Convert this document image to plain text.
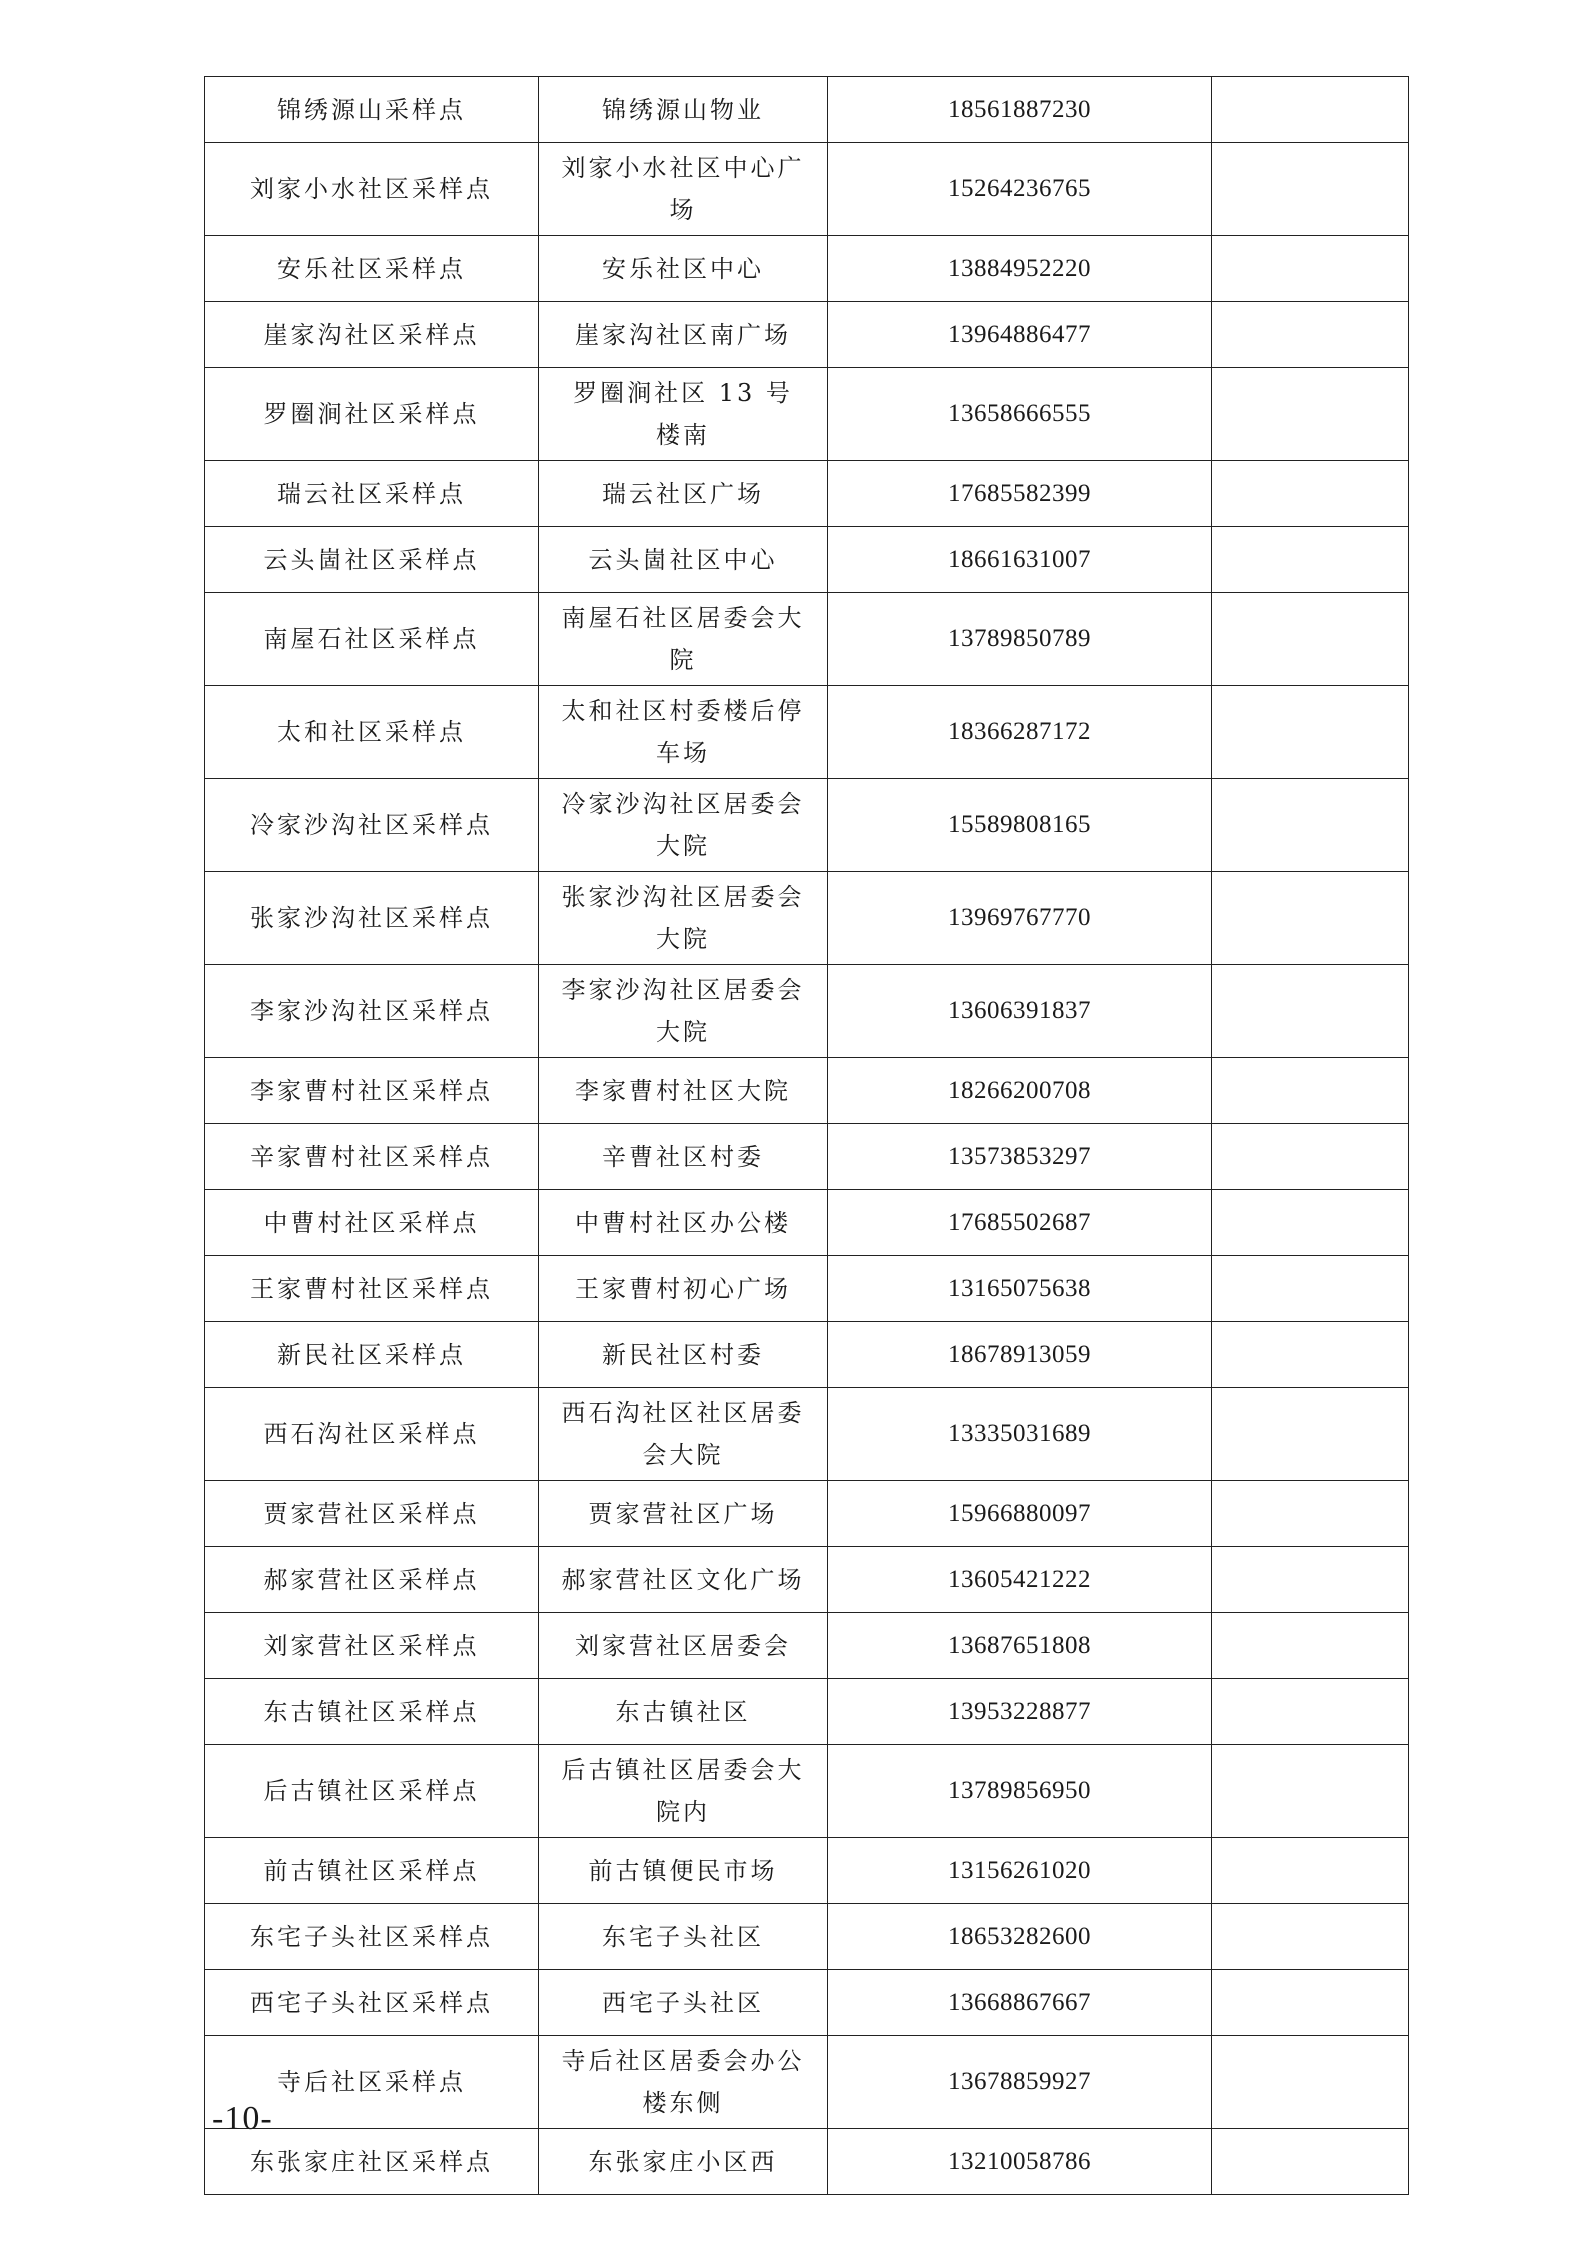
锦绣源山采样点	锦绣源山物业	18561887230	
刘家小水社区采样点	刘家小水社区中心广场	15264236765	
安乐社区采样点	安乐社区中心	13884952220	
崖家沟社区采样点	崖家沟社区南广场	13964886477	
罗圈涧社区采样点	罗圈涧社区 13 号楼南	13658666555	
瑞云社区采样点	瑞云社区广场	17685582399	
云头崮社区采样点	云头崮社区中心	18661631007	
南屋石社区采样点	南屋石社区居委会大院	13789850789	
太和社区采样点	太和社区村委楼后停车场	18366287172	
冷家沙沟社区采样点	冷家沙沟社区居委会大院	15589808165	
张家沙沟社区采样点	张家沙沟社区居委会大院	13969767770	
李家沙沟社区采样点	李家沙沟社区居委会大院	13606391837	
李家曹村社区采样点	李家曹村社区大院	18266200708	
辛家曹村社区采样点	辛曹社区村委	13573853297	
中曹村社区采样点	中曹村社区办公楼	17685502687	
王家曹村社区采样点	王家曹村初心广场	13165075638	
新民社区采样点	新民社区村委	18678913059	
西石沟社区采样点	西石沟社区社区居委会大院	13335031689	
贾家营社区采样点	贾家营社区广场	15966880097	
郝家营社区采样点	郝家营社区文化广场	13605421222	
刘家营社区采样点	刘家营社区居委会	13687651808	
东古镇社区采样点	东古镇社区	13953228877	
后古镇社区采样点	后古镇社区居委会大院内	13789856950	
前古镇社区采样点	前古镇便民市场	13156261020	
东宅子头社区采样点	东宅子头社区	18653282600	
西宅子头社区采样点	西宅子头社区	13668867667	
寺后社区采样点	寺后社区居委会办公楼东侧	13678859927	
东张家庄社区采样点	东张家庄小区西	13210058786	
-10-
